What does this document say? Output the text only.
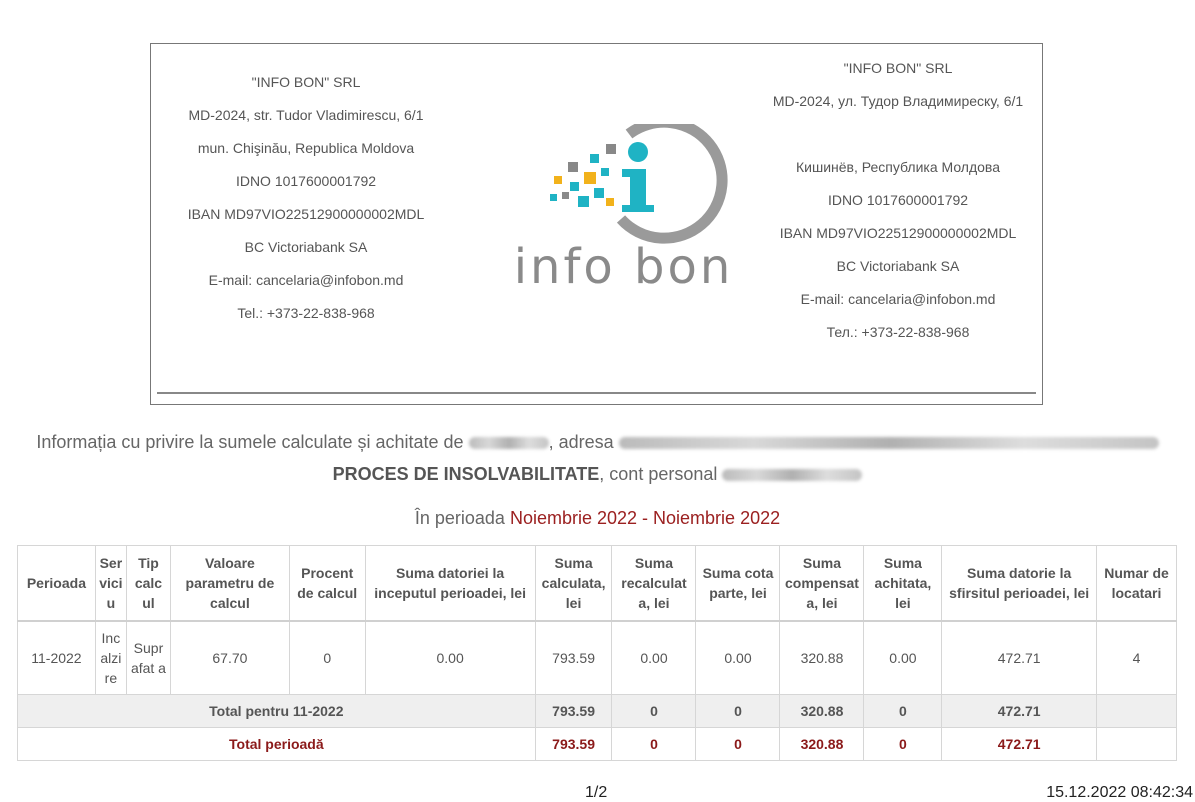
"INFO BON" SRL
MD-2024, str. Tudor Vladimirescu, 6/1
mun. Chişinău, Republica Moldova
IDNO 1017600001792
IBAN MD97VIO22512900000002MDL
BC Victoriabank SA
E-mail: cancelaria@infobon.md
Tel.: +373-22-838-968
info bon
"INFO BON" SRL
MD-2024, ул. Тудор Владимиреску, 6/1
Кишинёв, Республика Молдова
IDNO 1017600001792
IBAN MD97VIO22512900000002MDL
BC Victoriabank SA
E-mail: cancelaria@infobon.md
Тел.: +373-22-838-968
Informația cu privire la sumele calculate și achitate de	, adresa
PROCES DE INSOLVABILITATE, cont personal
În perioada Noiembrie 2022 - Noiembrie 2022
Perioada	Ser vici u	Tip calc ul	Valoare parametru de calcul	Procent de calcul	Suma datoriei la inceputul perioadei, lei	Suma calculata, lei	Suma recalculat a, lei	Suma cota parte, lei	Suma compensat a, lei	Suma achitata, lei	Suma datorie la sfirsitul perioadei, lei	Numar de locatari
11-2022	Inc alzi re	Supr afat a	67.70	0	0.00	793.59	0.00	0.00	320.88	0.00	472.71	4
Total pentru 11-2022						793.59	0	0	320.88	0	472.71	
Total perioadă						793.59	0	0	320.88	0	472.71	
1/2	15.12.2022 08:42:34
